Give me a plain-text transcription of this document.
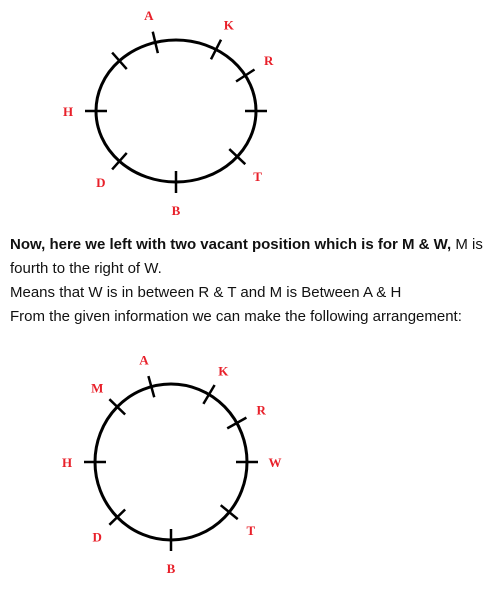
A
K
R
T
B
D
H

Now, here we left with two vacant position which is for M & W, M is fourth to the right of W.

Means that W is in between R & T and M is Between A & H

From the given information we can make the following arrangement:

M
A
K
R
W
T
B
D
H
